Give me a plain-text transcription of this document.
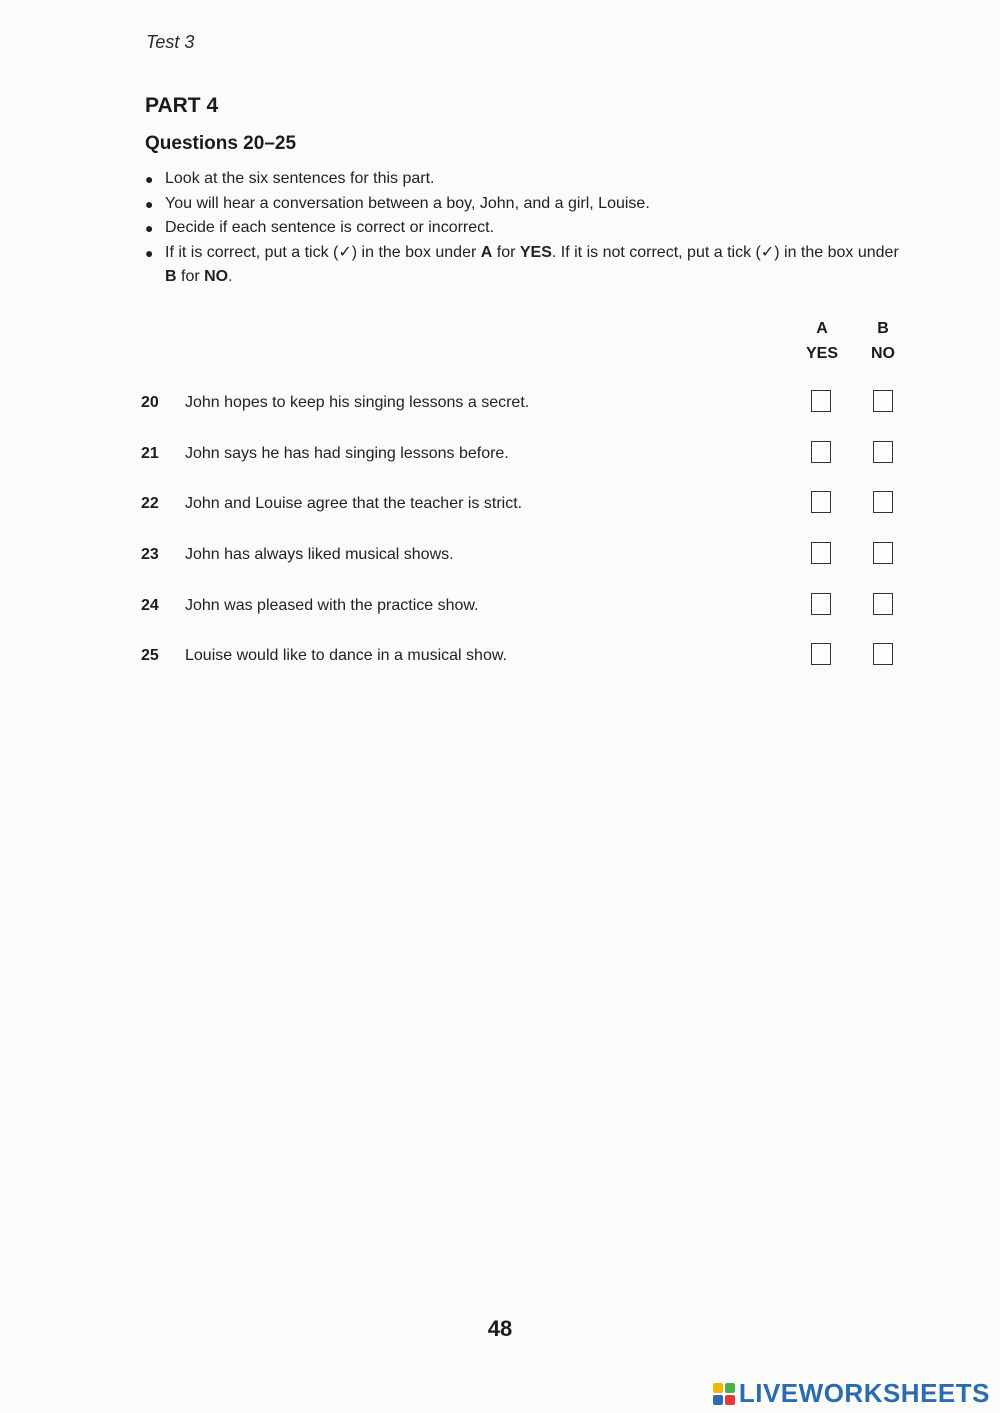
Test 3
PART 4
Questions 20–25
● Look at the six sentences for this part.
● You will hear a conversation between a boy, John, and a girl, Louise.
● Decide if each sentence is correct or incorrect.
● If it is correct, put a tick (✓) in the box under A for YES. If it is not correct, put a tick (✓) in the box under B for NO.
A
YES
B
NO
20 John hopes to keep his singing lessons a secret.
21 John says he has had singing lessons before.
22 John and Louise agree that the teacher is strict.
23 John has always liked musical shows.
24 John was pleased with the practice show.
25 Louise would like to dance in a musical show.
48
LIVEWORKSHEETS
